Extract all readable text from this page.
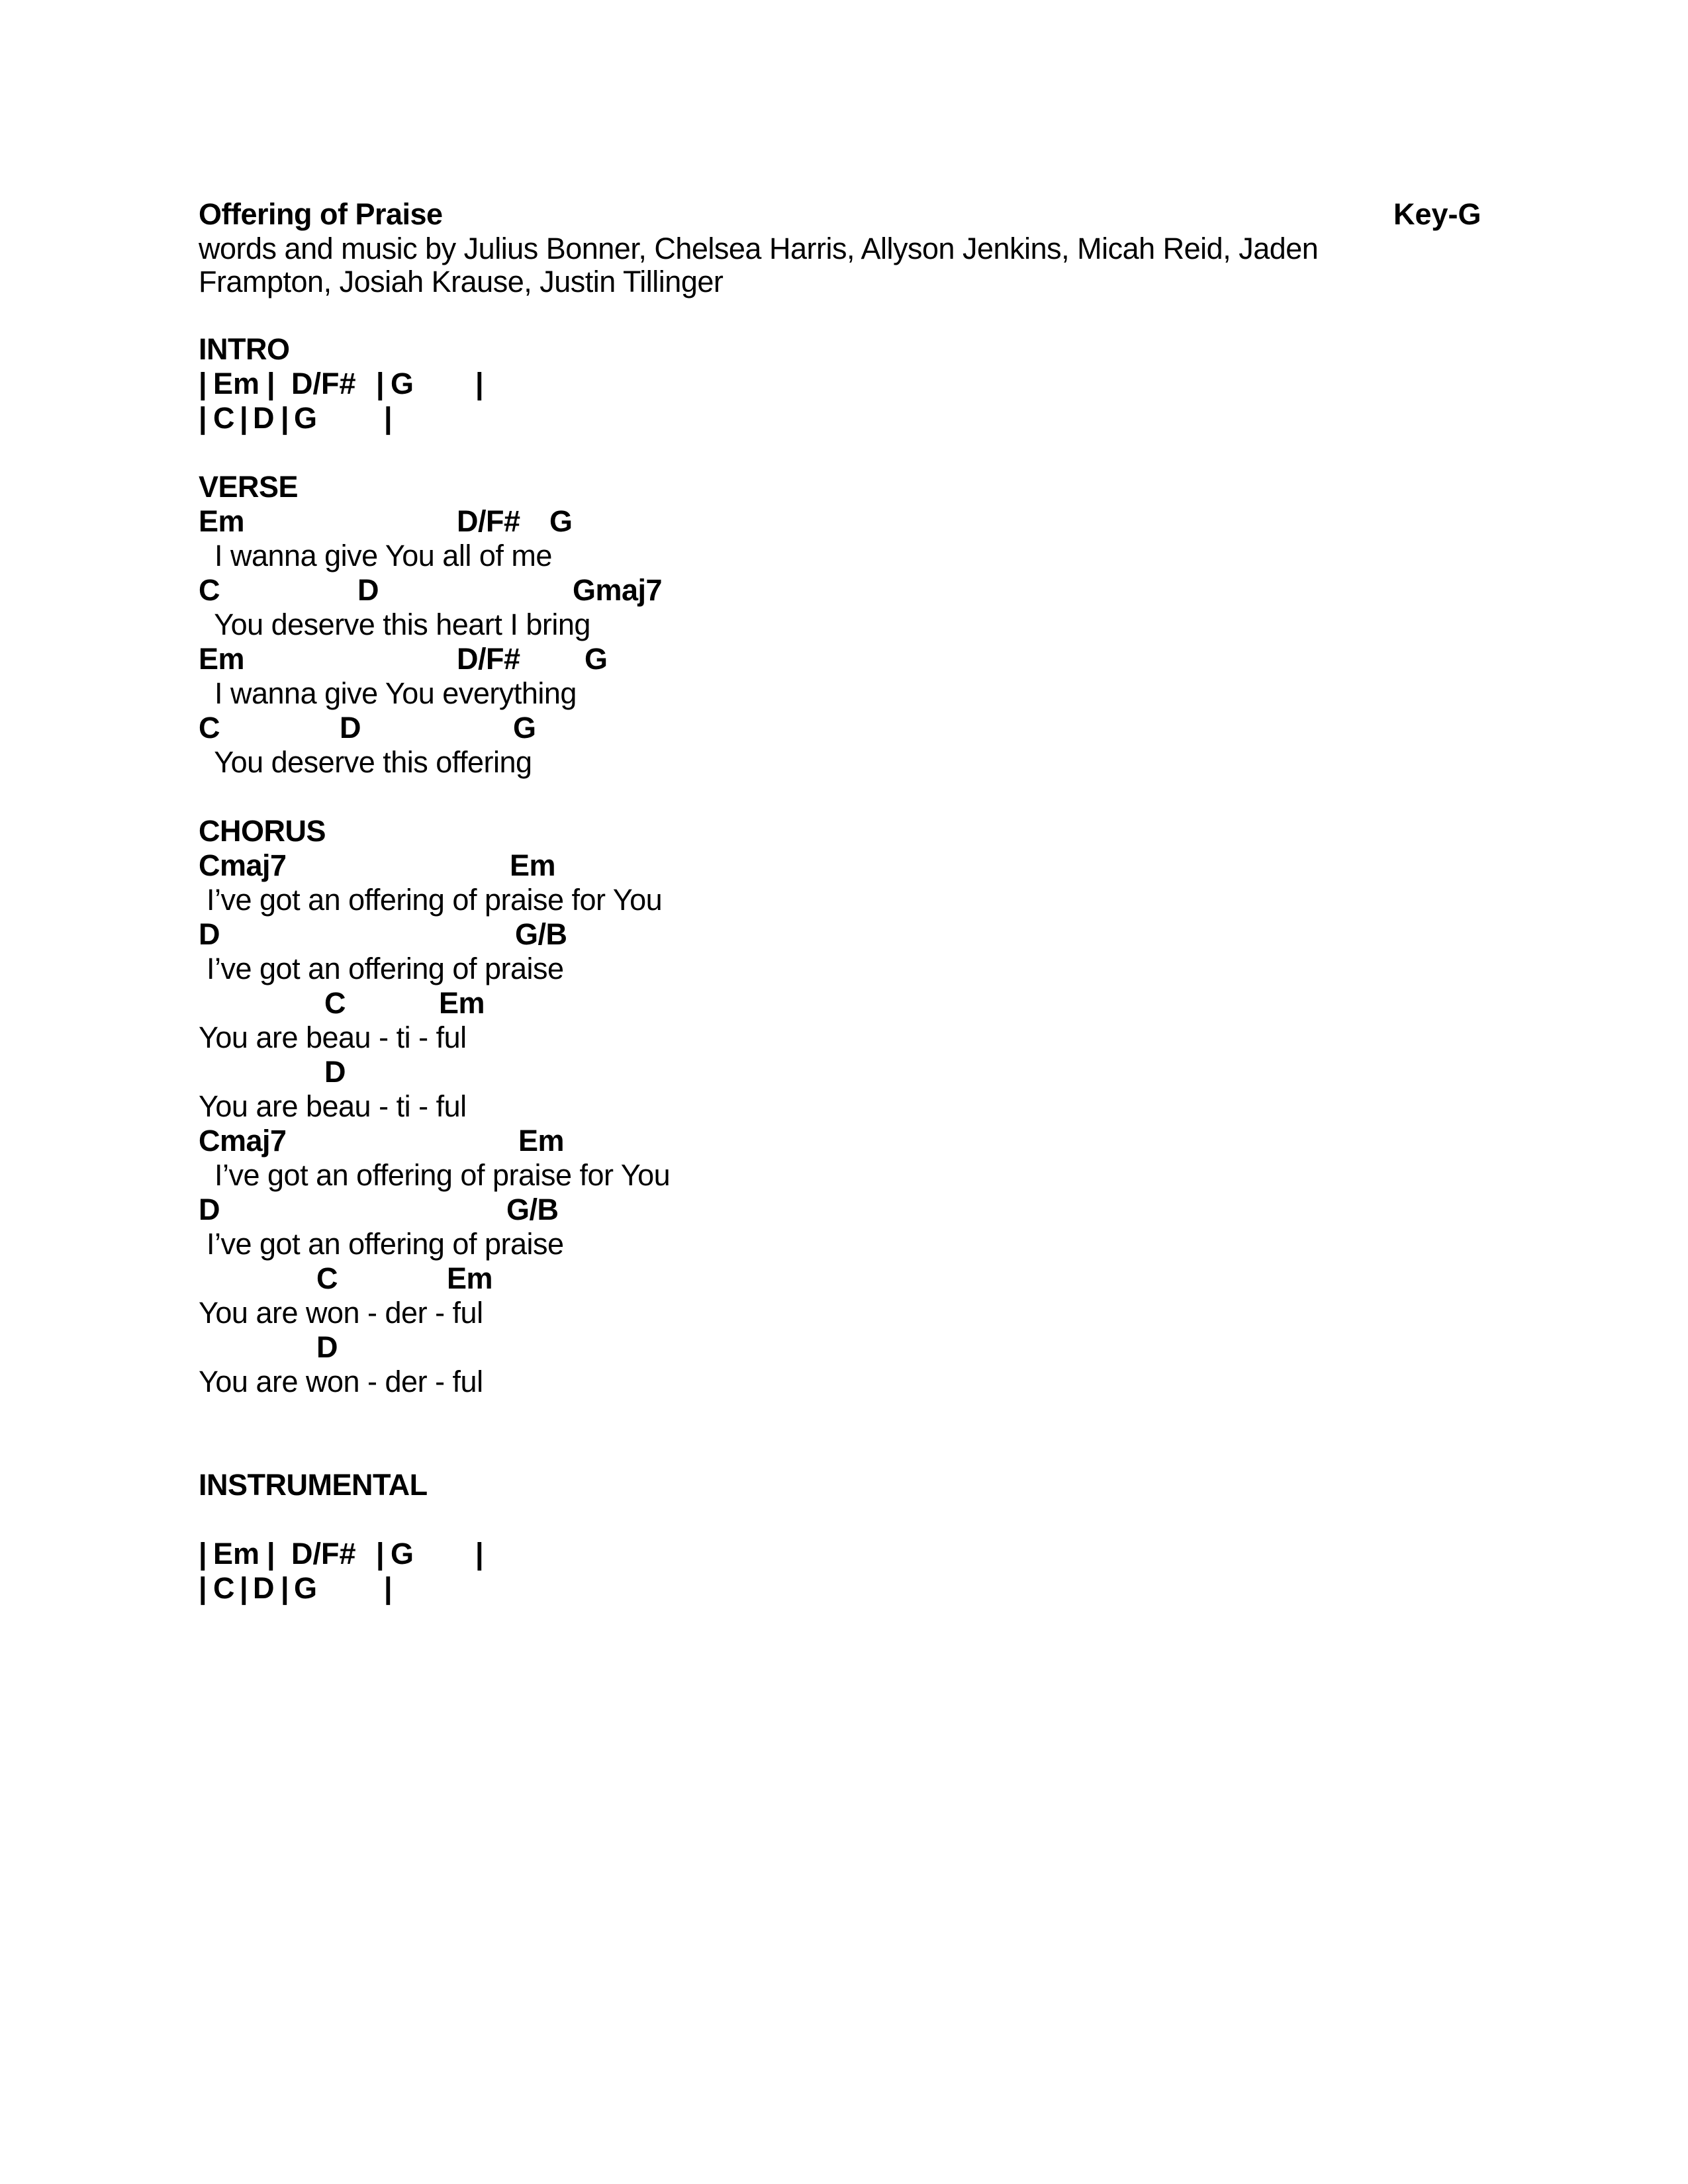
Offering of Praise	Key-G
words and music by Julius Bonner, Chelsea Harris, Allyson Jenkins, Micah Reid, Jaden
Frampton, Josiah Krause, Justin Tillinger
INTRO
| Em | D/F# | G |
| C | D | G |
VERSE
Em	D/F# G
I wanna give You all of me
C	D	Gmaj7
You deserve this heart I bring
Em	D/F# G
I wanna give You everything
C	D	G
You deserve this offering
CHORUS
Cmaj7	Em
I’ve got an offering of praise for You
D	G/B
I’ve got an offering of praise
C	Em
You are beau - ti - ful
D
You are beau - ti - ful
Cmaj7	Em
I’ve got an offering of praise for You
D	G/B
I’ve got an offering of praise
C	Em
You are won - der - ful
D
You are won - der - ful
INSTRUMENTAL
| Em | D/F# | G |
| C | D | G |
